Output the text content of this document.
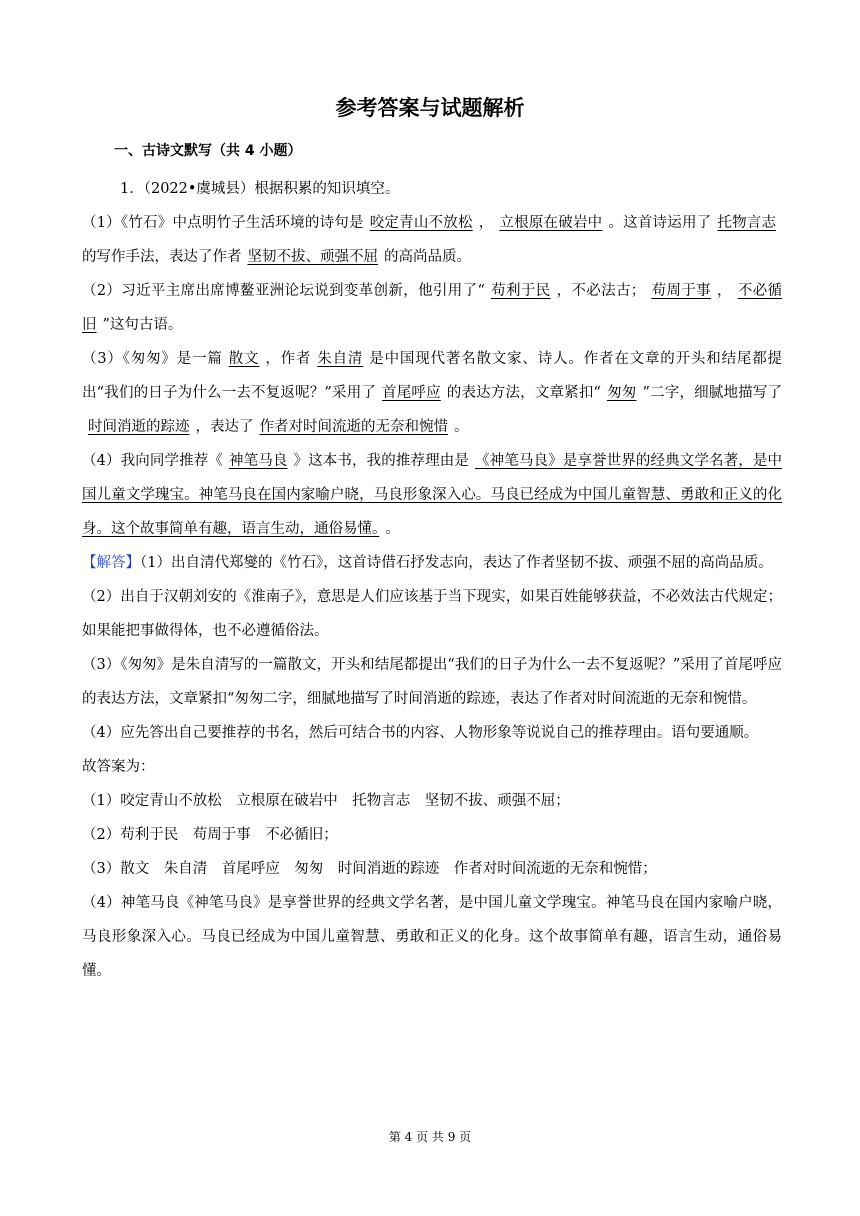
参考答案与试题解析
一、古诗文默写（共 4 小题）

1．（2022•虞城县）根据积累的知识填空。

（1）《竹石》中点明竹子生活环境的诗句是 咬定青山不放松 ， 立根原在破岩中 。这首诗运用了 托物言志的写作手法，表达了作者 坚韧不拔、顽强不屈 的高尚品质。

（2）习近平主席出席博鳌亚洲论坛说到变革创新，他引用了“ 苟利于民 ，不必法古； 苟周于事 ， 不必循旧 ”这句古语。

（3）《匆匆》是一篇 散文 ，作者 朱自清 是中国现代著名散文家、诗人。作者在文章的开头和结尾都提出“我们的日子为什么一去不复返呢？”采用了 首尾呼应 的表达方法，文章紧扣“ 匆匆 ”二字，细腻地描写了时间消逝的踪迹 ，表达了 作者对时间流逝的无奈和惋惜 。

（4）我向同学推荐《 神笔马良 》这本书，我的推荐理由是 《神笔马良》是享誉世界的经典文学名著，是中国儿童文学瑰宝。神笔马良在国内家喻户晓，马良形象深入心。马良已经成为中国儿童智慧、勇敢和正义的化身。这个故事简单有趣，语言生动，通俗易懂。 。

【解答】（1）出自清代郑燮的《竹石》，这首诗借石抒发志向，表达了作者坚韧不拔、顽强不屈的高尚品质。

（2）出自于汉朝刘安的《淮南子》，意思是人们应该基于当下现实，如果百姓能够获益，不必效法古代规定；如果能把事做得体，也不必遵循俗法。

（3）《匆匆》是朱自清写的一篇散文，开头和结尾都提出“我们的日子为什么一去不复返呢？”采用了首尾呼应的表达方法，文章紧扣“匆匆二字，细腻地描写了时间消逝的踪迹，表达了作者对时间流逝的无奈和惋惜。

（4）应先答出自己要推荐的书名，然后可结合书的内容、人物形象等说说自己的推荐理由。语句要通顺。

故答案为：

（1）咬定青山不放松　立根原在破岩中　托物言志　坚韧不拔、顽强不屈；

（2）苟利于民　苟周于事　不必循旧；

（3）散文　朱自清　首尾呼应　匆匆　时间消逝的踪迹　作者对时间流逝的无奈和惋惜；

（4）神笔马良《神笔马良》是享誉世界的经典文学名著，是中国儿童文学瑰宝。神笔马良在国内家喻户晓，马良形象深入心。马良已经成为中国儿童智慧、勇敢和正义的化身。这个故事简单有趣，语言生动，通俗易懂。

第 4 页 共 9 页
